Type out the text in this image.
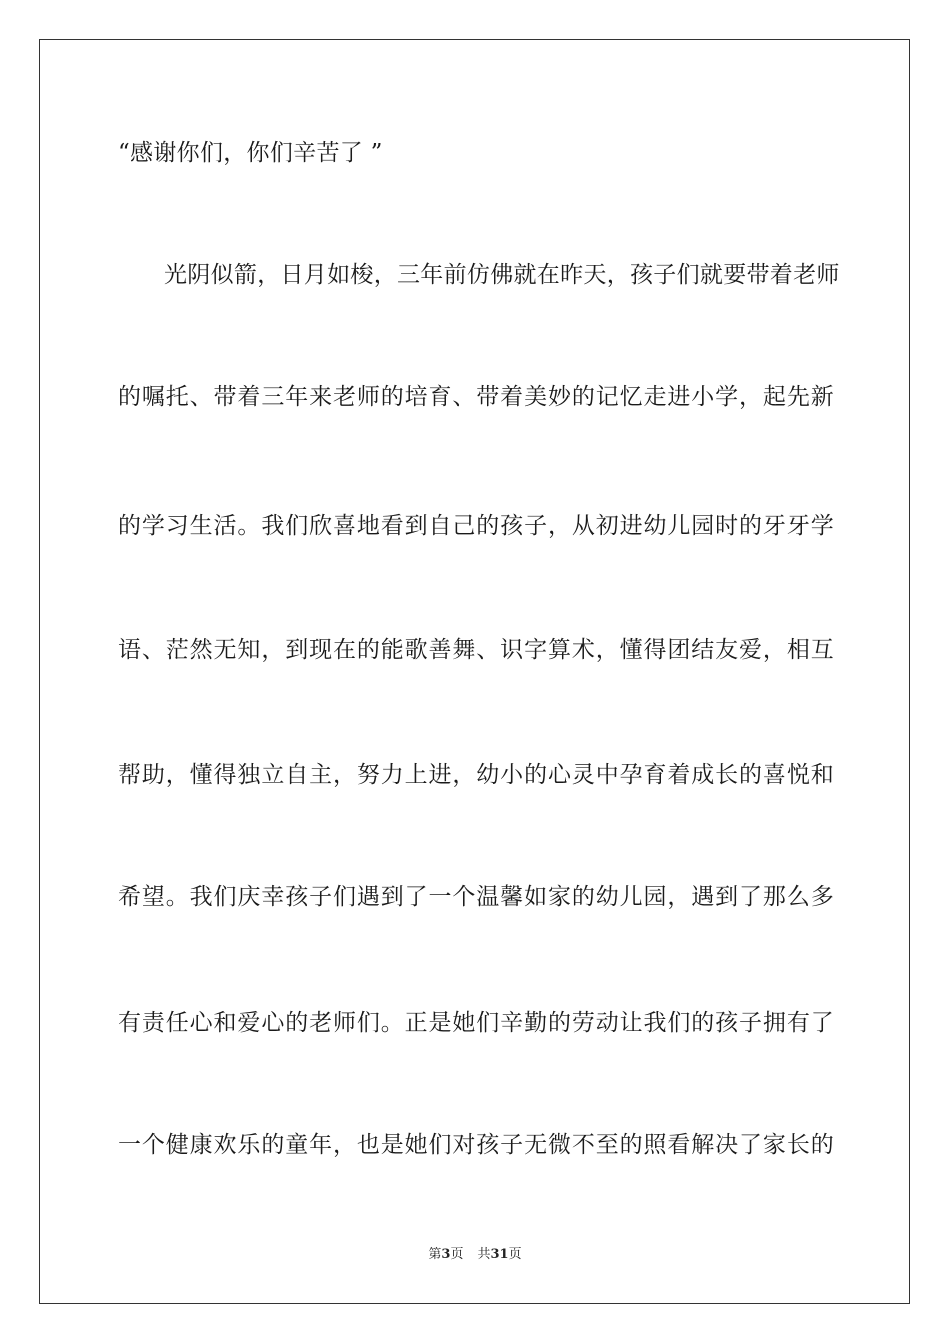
“感谢你们，你们辛苦了 ”
光阴似箭，日月如梭，三年前仿佛就在昨天，孩子们就要带着老师
的嘱托、带着三年来老师的培育、带着美妙的记忆走进小学，起先新
的学习生活。我们欣喜地看到自己的孩子，从初进幼儿园时的牙牙学
语、茫然无知，到现在的能歌善舞、识字算术，懂得团结友爱，相互
帮助，懂得独立自主，努力上进，幼小的心灵中孕育着成长的喜悦和
希望。我们庆幸孩子们遇到了一个温馨如家的幼儿园，遇到了那么多
有责任心和爱心的老师们。正是她们辛勤的劳动让我们的孩子拥有了
一个健康欢乐的童年，也是她们对孩子无微不至的照看解决了家长的
第3页 共31页
